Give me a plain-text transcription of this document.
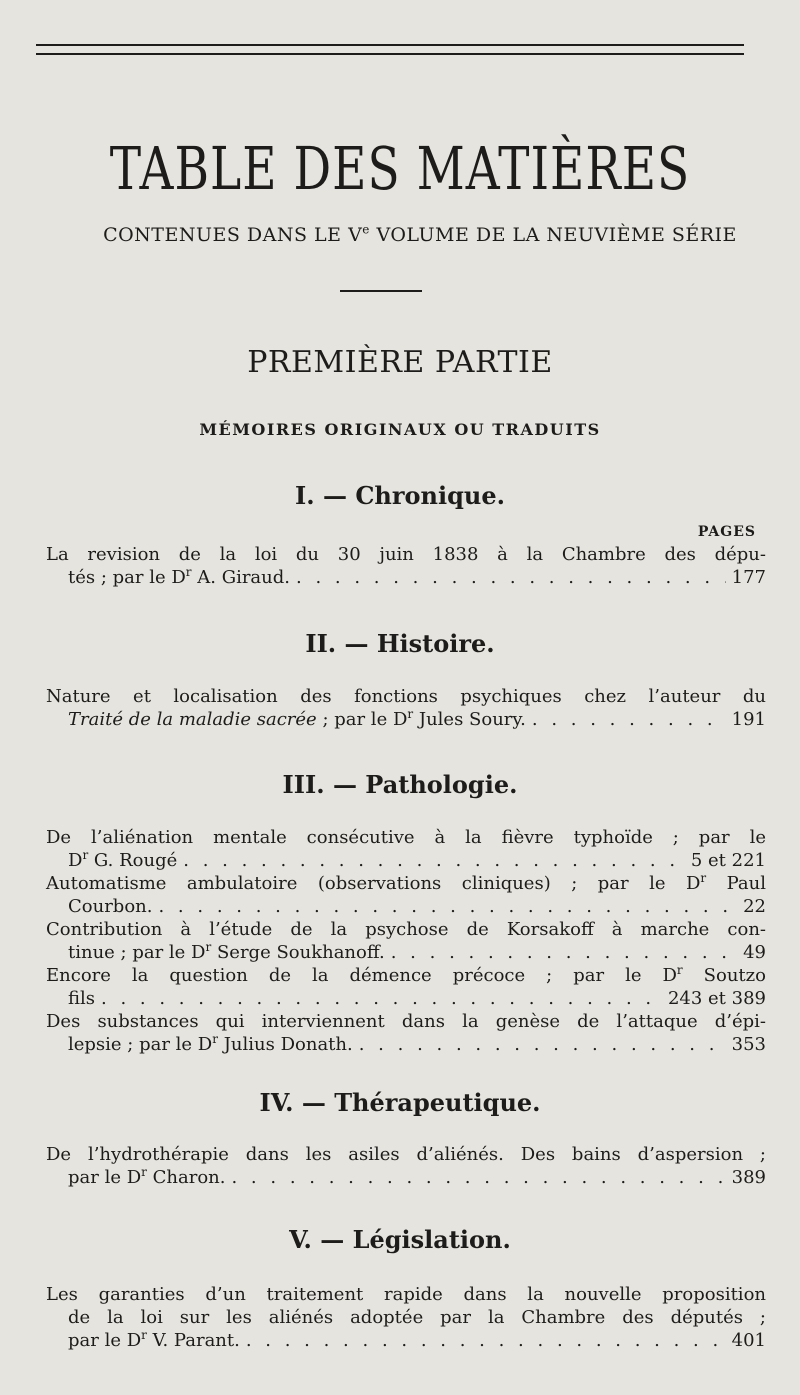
TABLE DES MATIÈRES
CONTENUES DANS LE Ve VOLUME DE LA NEUVIÈME SÉRIE
PREMIÈRE PARTIE
MÉMOIRES ORIGINAUX OU TRADUITS
I. — Chronique.
PAGES
La revision de la loi du 30 juin 1838 à la Chambre des dépu-
tés ; par le $D^r$ A. Giraud. . . .	177
II. — Histoire.
Nature et localisation des fonctions psychiques chez l’auteur du
Traité de la maladie sacrée ; par le $D^r$ Jules Soury. . . .	191
III. — Pathologie.
De l’aliénation mentale consécutive à la fièvre typhoïde ; par le
$D^r$ G. Rougé . . .	5 et 221
Automatisme ambulatoire (observations cliniques) ; par le $D^r$ Paul
Courbon. . . .	22
Contribution à l’étude de la psychose de Korsakoff à marche con-
tinue ; par le $D^r$ Serge Soukhanoff. . . .	49
Encore la question de la démence précoce ; par le $D^r$ Soutzo
fils . . .	243 et 389
Des substances qui interviennent dans la genèse de l’attaque d’épi-
lepsie ; par le $D^r$ Julius Donath. . . .	353
IV. — Thérapeutique.
De l’hydrothérapie dans les asiles d’aliénés. Des bains d’aspersion ;
par le $D^r$ Charon. . . .	389
V. — Législation.
Les garanties d’un traitement rapide dans la nouvelle proposition
de la loi sur les aliénés adoptée par la Chambre des députés ;
par le $D^r$ V. Parant. . . .	401
